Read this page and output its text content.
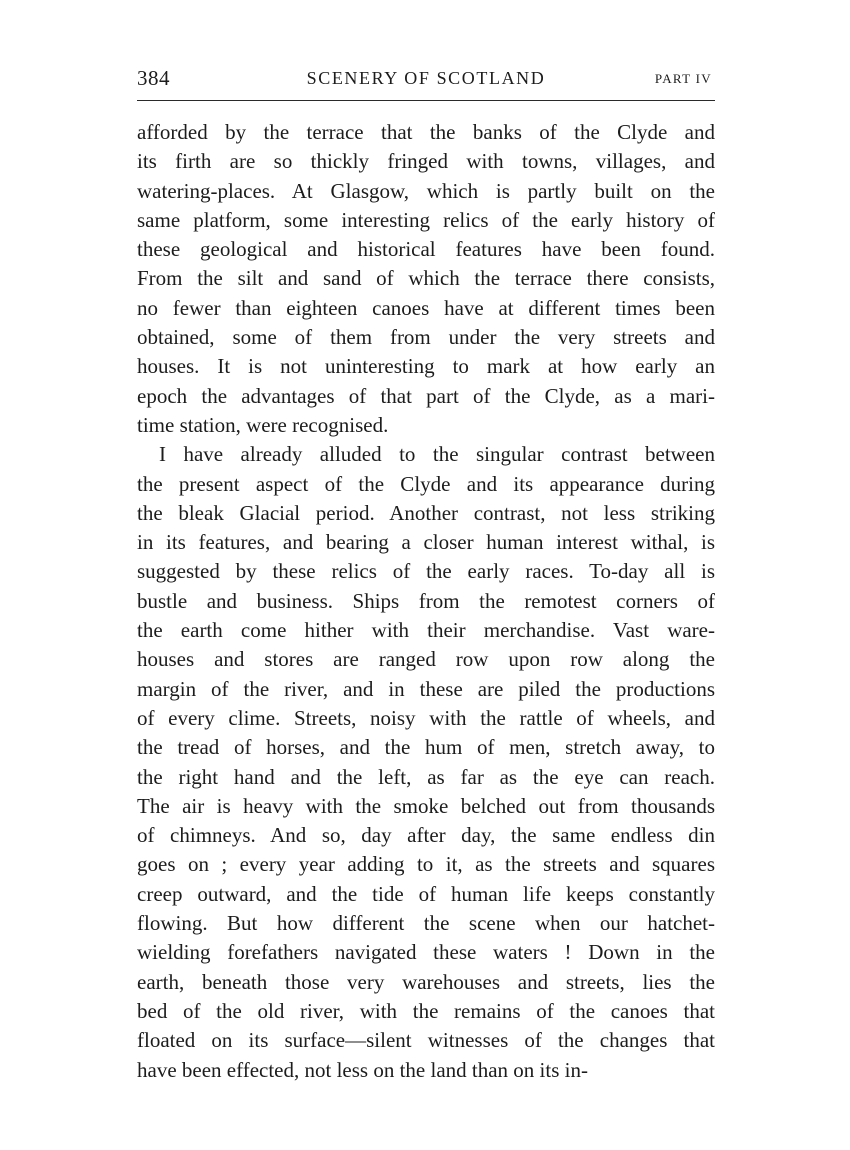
384	SCENERY OF SCOTLAND	PART IV
afforded by the terrace that the banks of the Clyde and
its firth are so thickly fringed with towns, villages, and
watering-places. At Glasgow, which is partly built on the
same platform, some interesting relics of the early history of
these geological and historical features have been found.
From the silt and sand of which the terrace there consists,
no fewer than eighteen canoes have at different times been
obtained, some of them from under the very streets and
houses. It is not uninteresting to mark at how early an
epoch the advantages of that part of the Clyde, as a mari-
time station, were recognised.
I have already alluded to the singular contrast between
the present aspect of the Clyde and its appearance during
the bleak Glacial period. Another contrast, not less striking
in its features, and bearing a closer human interest withal, is
suggested by these relics of the early races. To-day all is
bustle and business. Ships from the remotest corners of
the earth come hither with their merchandise. Vast ware-
houses and stores are ranged row upon row along the
margin of the river, and in these are piled the productions
of every clime. Streets, noisy with the rattle of wheels, and
the tread of horses, and the hum of men, stretch away, to
the right hand and the left, as far as the eye can reach.
The air is heavy with the smoke belched out from thousands
of chimneys. And so, day after day, the same endless din
goes on ; every year adding to it, as the streets and squares
creep outward, and the tide of human life keeps constantly
flowing. But how different the scene when our hatchet-
wielding forefathers navigated these waters ! Down in the
earth, beneath those very warehouses and streets, lies the
bed of the old river, with the remains of the canoes that
floated on its surface—silent witnesses of the changes that
have been effected, not less on the land than on its in-
